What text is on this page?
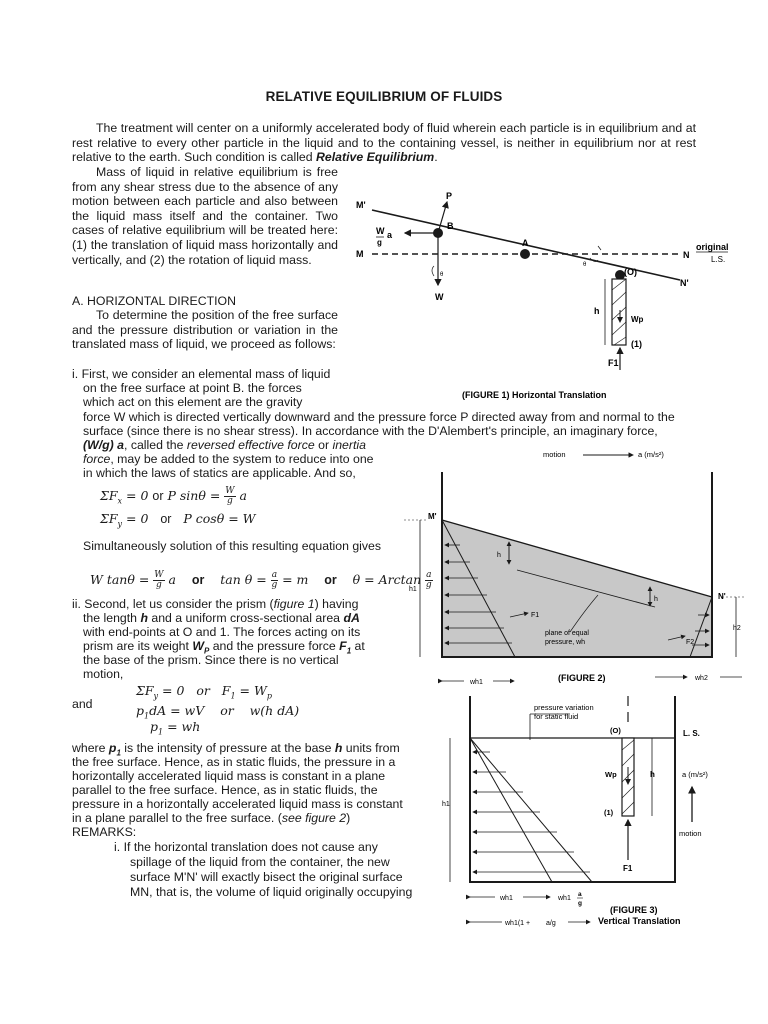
RELATIVE EQUILIBRIUM OF FLUIDS

The treatment will center on a uniformly accelerated body of fluid wherein each particle is in equilibrium and at rest relative to every other particle in the liquid and to the containing vessel, is neither in equilibrium nor at rest relative to the earth. Such condition is called Relative Equilibrium.

Mass of liquid in relative equilibrium is free from any shear stress due to the absence of any motion between each particle and also between the liquid mass itself and the container. Two cases of relative equilibrium will be treated here: (1) the translation of liquid mass horizontally and vertically, and (2) the rotation of liquid mass.

A. HORIZONTAL DIRECTION

To determine the position of the free surface and the pressure distribution or variation in the translated mass of liquid, we proceed as follows:

i. First, we consider an elemental mass of liquid
on the free surface at point B. the forces
which act on this element are the gravity
force W which is directed vertically downward and the pressure force P directed away from and normal to the
surface (since there is no shear stress). In accordance with the D'Alembert's principle, an imaginary force,
(W/g) a, called the reversed effective force or inertia
force, may be added to the system to reduce into one
in which the laws of statics are applicable. And so,
$\Sigma F_x = 0$ or P $\sin\theta = \frac{W}{g}$ a
$\Sigma F_y = 0$   or   P cosθ = W
Simultaneously solution of this resulting equation gives
W $\tan\theta = \frac{W}{g}$ a    or    $\tan \theta = \frac{a}{g} = m$    or    θ = Arctan $\frac{a}{g}$
ii. Second, let us consider the prism (figure 1) having
the length h and a uniform cross-sectional area dA
with end-points at O and 1. The forces acting on its
prism are its weight $W_P$ and the pressure force $F_1$ at
the base of the prism. Since there is no vertical
motion,
and
$\Sigma F_y = 0$   or   $F_1 = W_p$
$p_1dA$ = wV    or    w(h dA)
$p_1$ = wh
where $p_1$ is the intensity of pressure at the base h units from
the free surface. Hence, as in static fluids, the pressure in a
horizontally accelerated liquid mass is constant in a plane
parallel to the free surface. Hence, as in static fluids, the
pressure in a horizontally accelerated liquid mass is constant
in a plane parallel to the free surface. (see figure 2)
REMARKS:
i. If the horizontal translation does not cause any
spillage of the liquid from the container, the new
surface M'N' will exactly bisect the original surface
MN, that is, the volume of liquid originally occupying
M'
M
P
B
A
W
W
g
a
θ
θ
N
N'
original
L.S.
(O)
h
Wp
(1)
F1
(FIGURE 1) Horizontal Translation
motion	a (m/s²)
M'
N'
h
h
h1
h2
F1
F2
plane of equal
pressure, wh
wh1
wh2
(FIGURE 2)
pressure variation
for static fluid
(O)	L. S.
Wp	h
(1)
h1
F1
a (m/s²)
motion
wh1	wh1
a
g
wh1(1 + a/g
(FIGURE 3)
Vertical Translation
